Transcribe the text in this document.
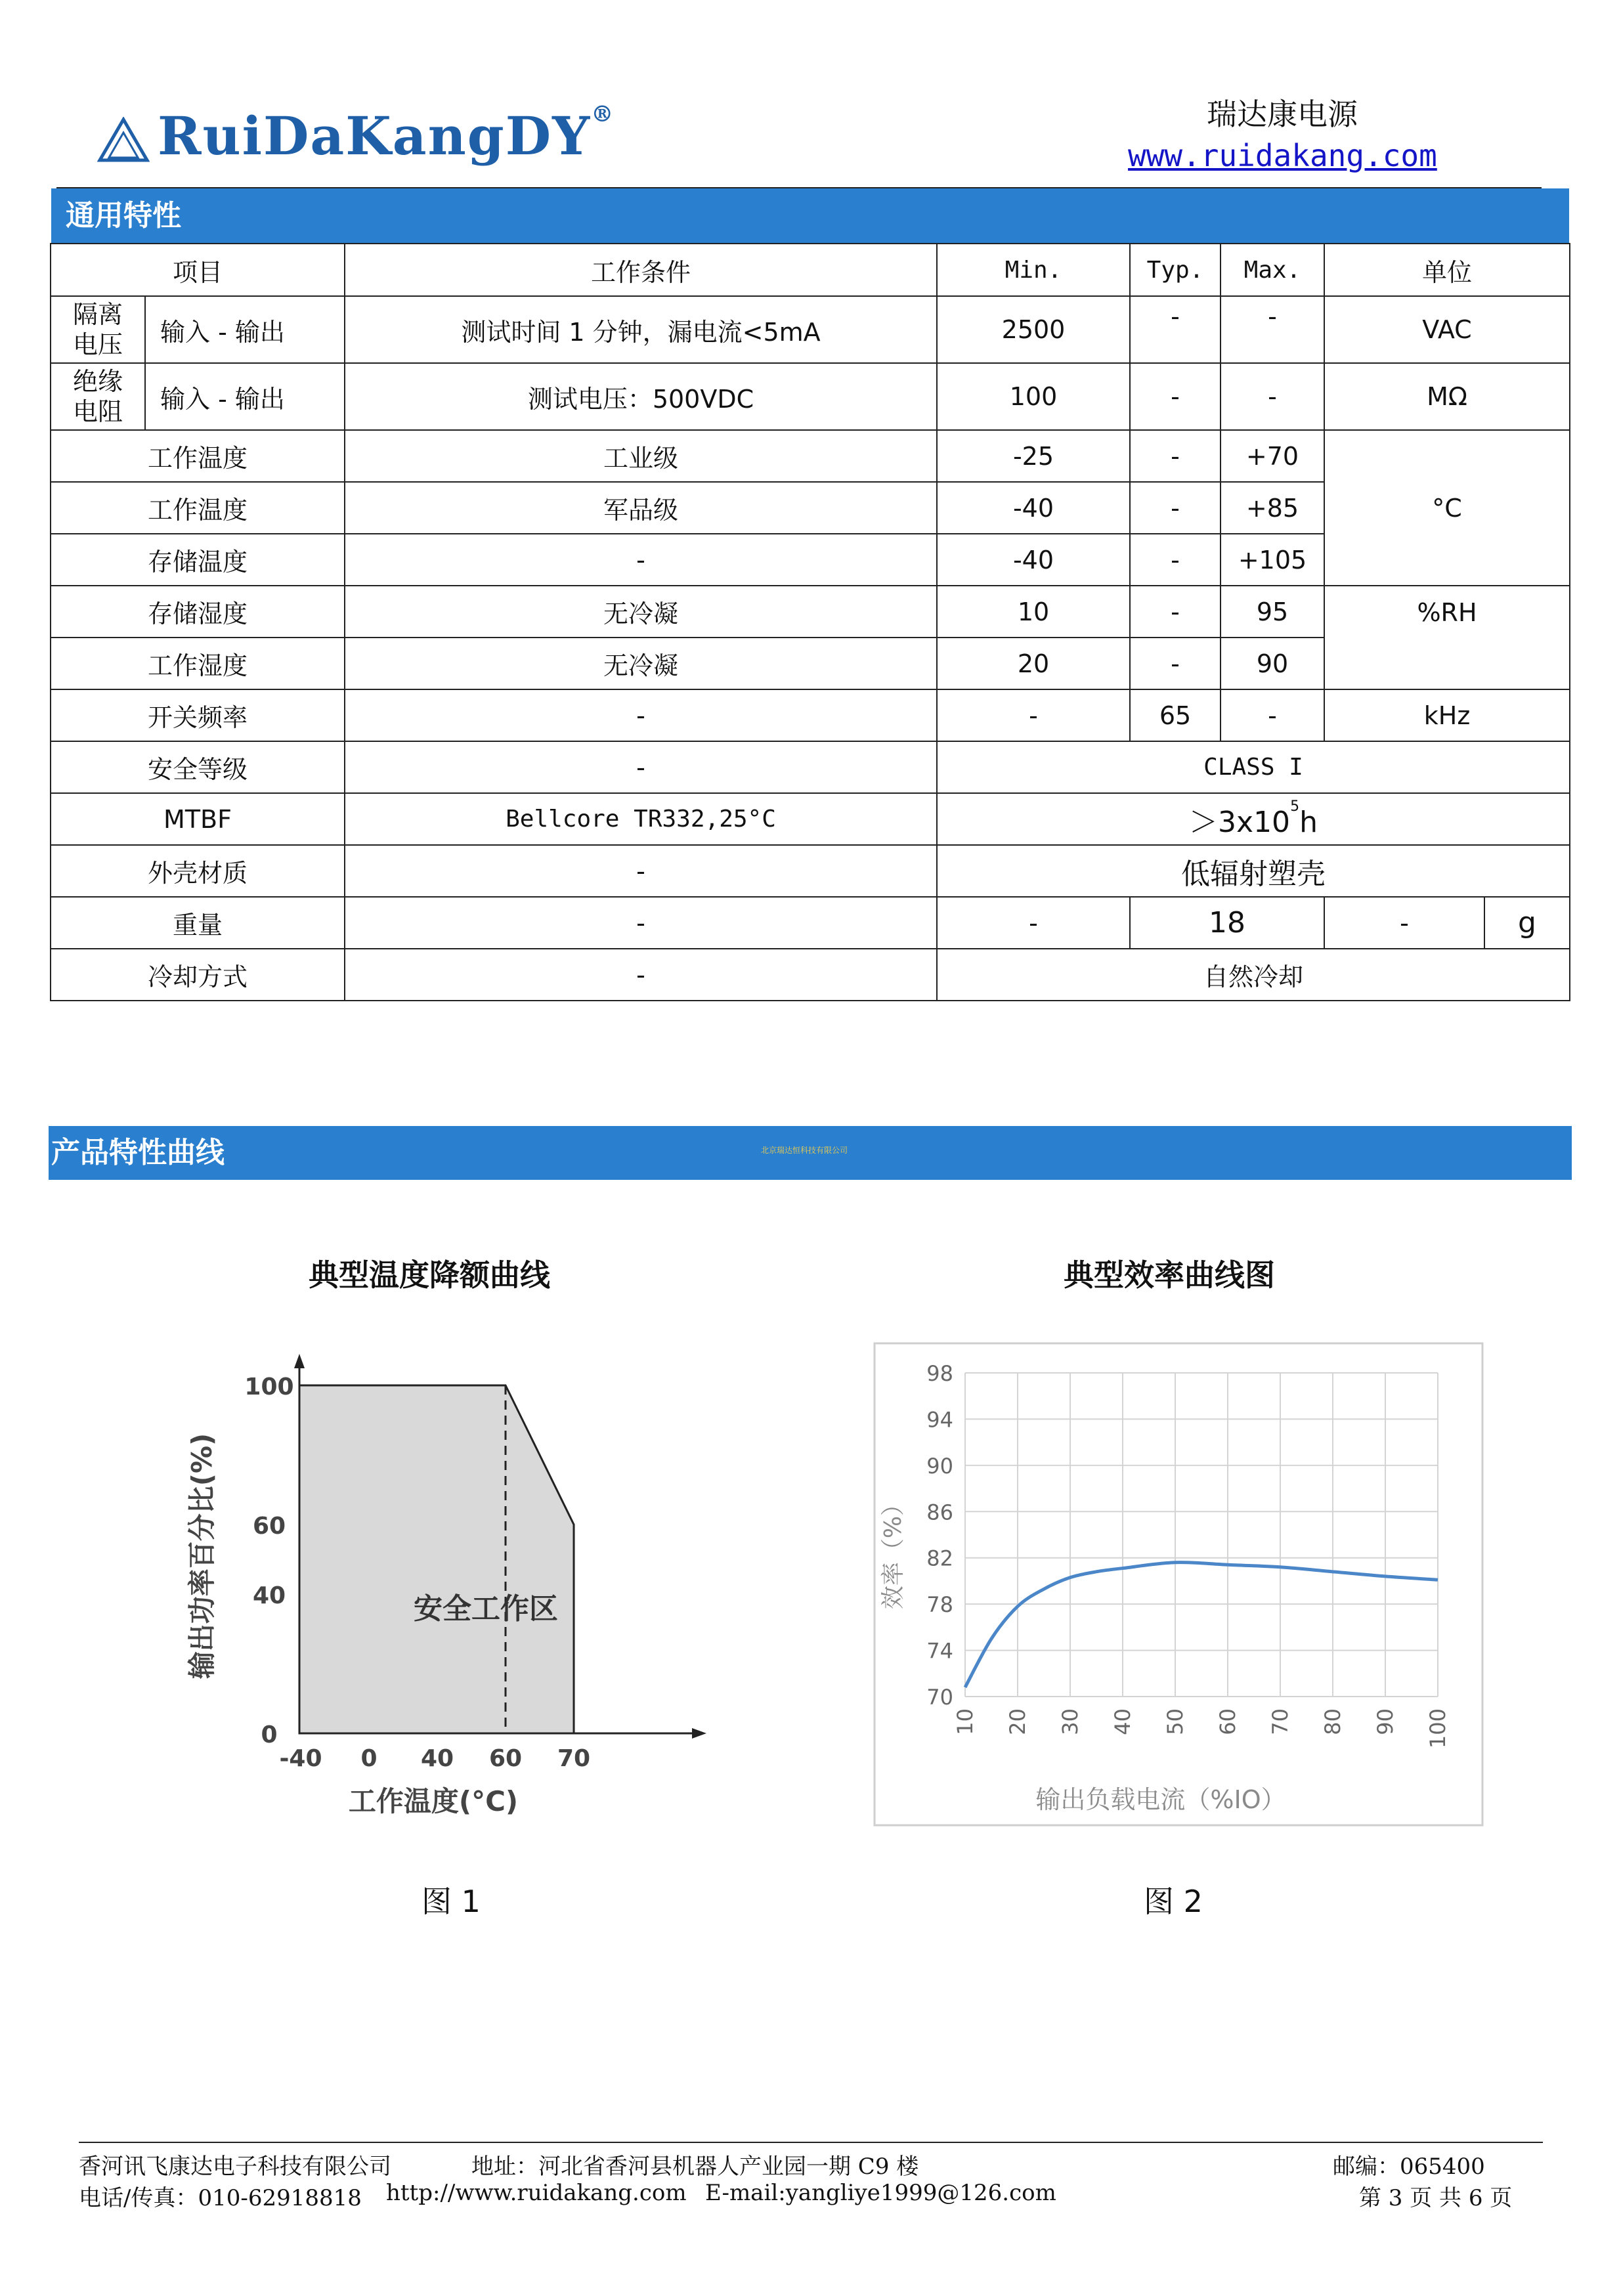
RuiDaKangDY®	瑞达康电源
www.ruidakang.com
通用特性
项目		工作条件	Min.	Typ.	Max.	单位	
隔离电压	输入 - 输出	测试时间 1 分钟，漏电流<5mA	2500	-	-	VAC	
绝缘电阻	输入 - 输出	测试电压：500VDC	100	-	-	MΩ	
工作温度		工业级	-25	-	+70	°C	
工作温度		军品级	-40	-	+85		
存储温度		-	-40	-	+105		
存储湿度		无冷凝	10	-	95	%RH	
工作湿度		无冷凝	20	-	90		
开关频率		-	-	65	-	kHz	
安全等级		-	CLASS I				
MTBF		Bellcore TR332,25°C	$>3x10^5h$				
外壳材质		-	低辐射塑壳				
重量		-	-	18		-	g
冷却方式		-	自然冷却				
产品特性曲线	北京瑞达恒科技有限公司
典型温度降额曲线	典型效率曲线图
100
60
40
0
-40 0 40 60 70
安全工作区
输出功率百分比(%)
工作温度(°C)
98
94
90
86
82
78
74
70
10 20 30 40 50 60 70 80 90 100
效率（%）
输出负载电流（%IO）
图 1	图 2
香河讯飞康达电子科技有限公司	地址：河北省香河县机器人产业园一期 C9 楼	邮编：065400
电话/传真：010-62918818 http://www.ruidakang.com E-mail:yangliye1999@126.com	第 3 页 共 6 页
